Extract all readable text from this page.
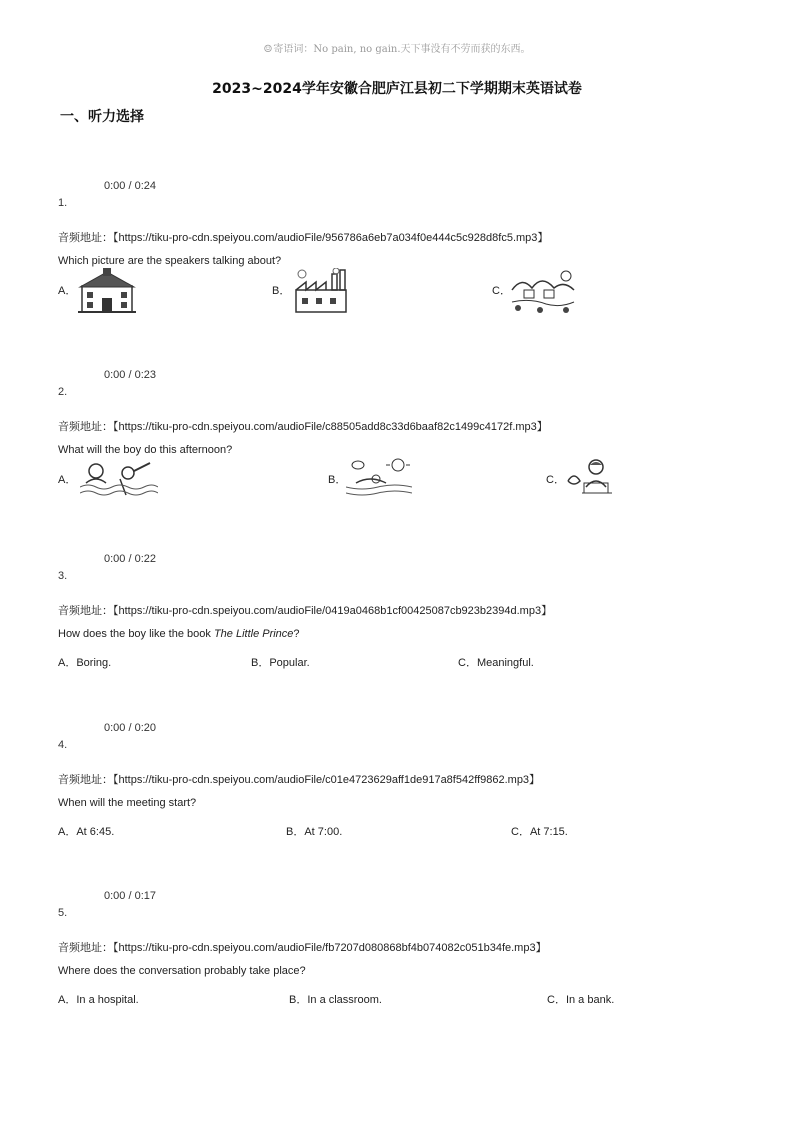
☺寄语词：No pain, no gain.天下事没有不劳而获的东西。
2023~2024学年安徽合肥庐江县初二下学期期末英语试卷
一、听力选择
0:00 / 0:24
1.
音频地址：【https://tiku-pro-cdn.speiyou.com/audioFile/956786a6eb7a034f0e444c5c928d8fc5.mp3】
Which picture are the speakers talking about?
A．	B．	C．
0:00 / 0:23
2.
音频地址：【https://tiku-pro-cdn.speiyou.com/audioFile/c88505add8c33d6baaf82c1499c4172f.mp3】
What will the boy do this afternoon?
A．	B．	C．
0:00 / 0:22
3.
音频地址：【https://tiku-pro-cdn.speiyou.com/audioFile/0419a0468b1cf00425087cb923b2394d.mp3】
How does the boy like the book The Little Prince?
A．Boring.	B．Popular.	C．Meaningful.
0:00 / 0:20
4.
音频地址：【https://tiku-pro-cdn.speiyou.com/audioFile/c01e4723629aff1de917a8f542ff9862.mp3】
When will the meeting start?
A．At 6:45.	B．At 7:00.	C．At 7:15.
0:00 / 0:17
5.
音频地址：【https://tiku-pro-cdn.speiyou.com/audioFile/fb7207d080868bf4b074082c051b34fe.mp3】
Where does the conversation probably take place?
A．In a hospital.	B．In a classroom.	C．In a bank.
